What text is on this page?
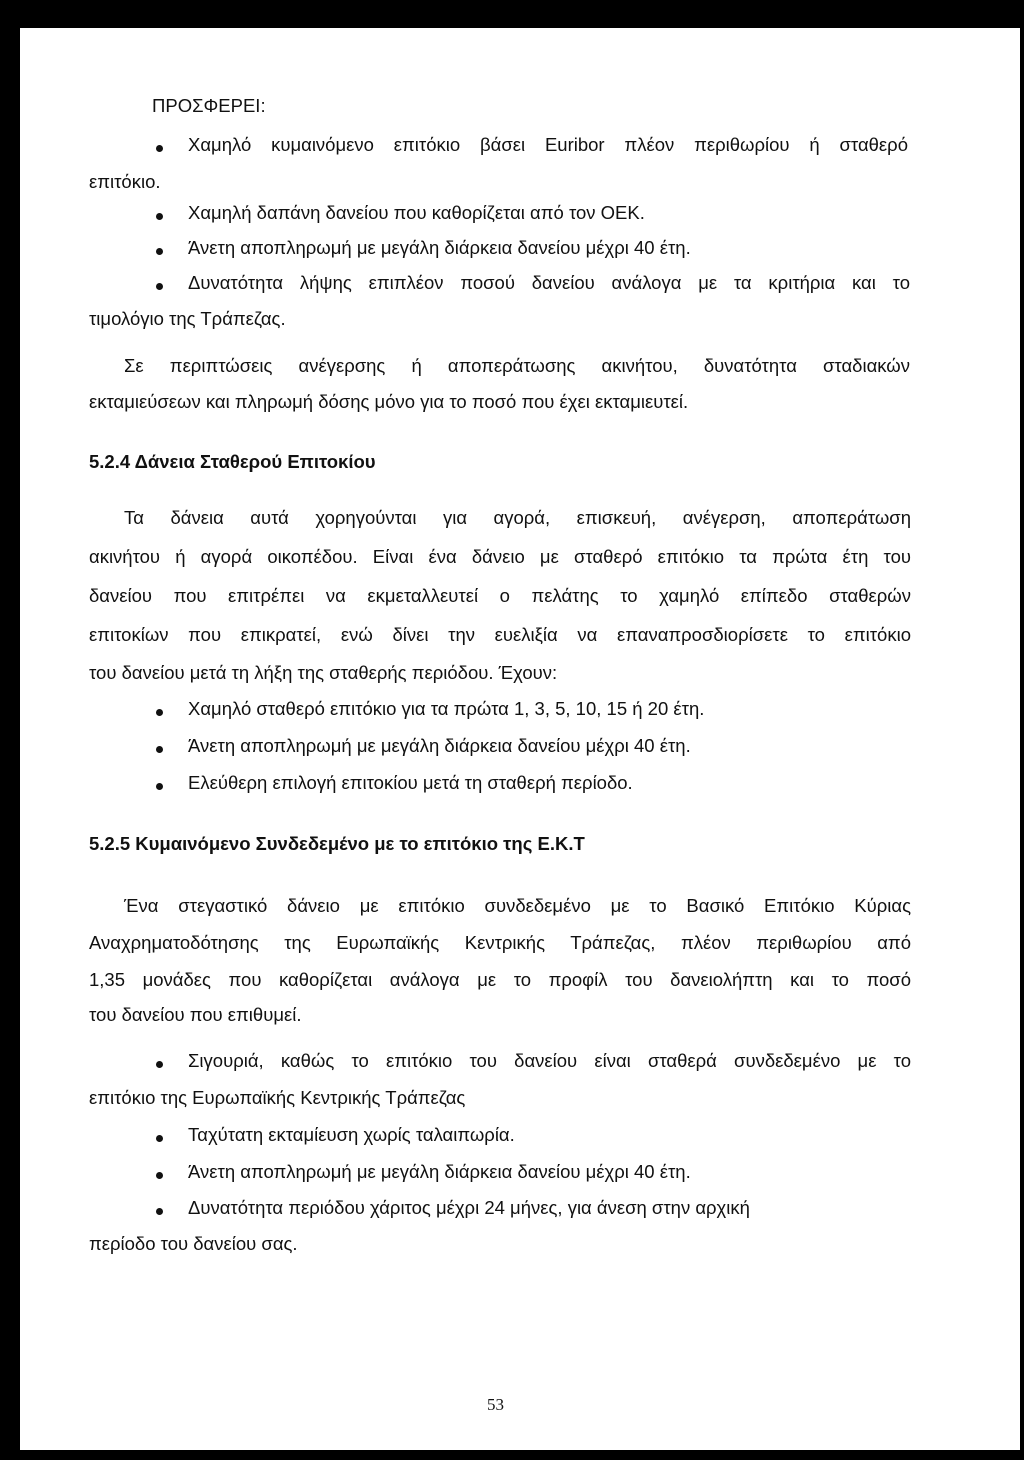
ΠΡΟΣΦΕΡΕΙ:
Χαμηλό κυμαινόμενο επιτόκιο βάσει Euribor πλέον περιθωρίου ή σταθερό
επιτόκιο.
Χαμηλή δαπάνη δανείου που καθορίζεται από τον ΟΕΚ.
Άνετη αποπληρωμή με μεγάλη διάρκεια δανείου μέχρι 40 έτη.
Δυνατότητα λήψης επιπλέον ποσού δανείου ανάλογα με τα κριτήρια και το
τιμολόγιο της Τράπεζας.
Σε περιπτώσεις ανέγερσης ή αποπεράτωσης ακινήτου, δυνατότητα σταδιακών
εκταμιεύσεων και πληρωμή δόσης μόνο για το ποσό που έχει εκταμιευτεί.
5.2.4 Δάνεια Σταθερού Επιτοκίου
Τα δάνεια αυτά χορηγούνται για αγορά, επισκευή, ανέγερση, αποπεράτωση
ακινήτου ή αγορά οικοπέδου. Είναι ένα δάνειο με σταθερό επιτόκιο τα πρώτα έτη του
δανείου που επιτρέπει να εκμεταλλευτεί ο πελάτης το χαμηλό επίπεδο σταθερών
επιτοκίων που επικρατεί, ενώ δίνει την ευελιξία να επαναπροσδιορίσετε το επιτόκιο
του δανείου μετά τη λήξη της σταθερής περιόδου. Έχουν:
Χαμηλό σταθερό επιτόκιο για τα πρώτα 1, 3, 5, 10, 15 ή 20 έτη.
Άνετη αποπληρωμή με μεγάλη διάρκεια δανείου μέχρι 40 έτη.
Ελεύθερη επιλογή επιτοκίου μετά τη σταθερή περίοδο.
5.2.5 Κυμαινόμενο Συνδεδεμένο με το επιτόκιο της Ε.Κ.Τ
Ένα στεγαστικό δάνειο με επιτόκιο συνδεδεμένο με το Βασικό Επιτόκιο Κύριας
Αναχρηματοδότησης της Ευρωπαϊκής Κεντρικής Τράπεζας, πλέον περιθωρίου από
1,35 μονάδες που καθορίζεται ανάλογα με το προφίλ του δανειολήπτη και το ποσό
του δανείου που επιθυμεί.
Σιγουριά, καθώς το επιτόκιο του δανείου είναι σταθερά συνδεδεμένο με το
επιτόκιο της Ευρωπαϊκής Κεντρικής Τράπεζας
Ταχύτατη εκταμίευση χωρίς ταλαιπωρία.
Άνετη αποπληρωμή με μεγάλη διάρκεια δανείου μέχρι 40 έτη.
Δυνατότητα περιόδου χάριτος μέχρι 24 μήνες, για άνεση στην αρχική
περίοδο του δανείου σας.
53
